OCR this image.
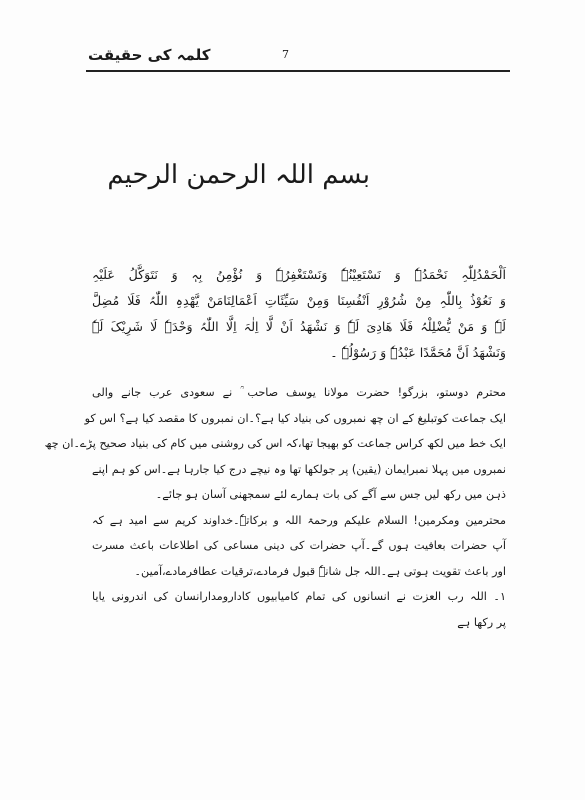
کلمہ کی حقیقت	7
بسم اللہ الرحمن الرحیم
اَلْحَمْدُلِلّٰہِ نَحْمَدُہٗ وَ نَسْتَعِیْنُہٗ وَنَسْتَغْفِرُہٗ وَ نُؤْمِنُ بِہٖ وَ نَتَوَکَّلُ عَلَیْہِ
وَ نَعُوْذُ بِاللّٰہِ مِنْ شُرُوْرِ اَنْفُسِنَا وَمِنْ سَیِّئَاتِ اَعْمَالِنَامَنْ یَّھْدِہِ اللّٰہُ فَلَا مُضِلَّ
لَہٗ وَ مَنْ یُّضْلِلْہُ فَلَا ھَادِیَ لَہٗ وَ نَشْھَدُ اَنْ لَّا اِلٰہَ اِلَّا اللّٰہُ وَحْدَہٗ لَا شَرِیْکَ لَہٗ
وَنَشْھَدُ اَنَّ مُحَمَّدًا عَبْدُہٗ وَ رَسُوْلُہٗ ۔
محترم دوستو، بزرگو! حضرت مولانا یوسف صاحب ؒ نے سعودی عرب جانے والی
ایک جماعت کوتبلیغ کے ان چھ نمبروں کی بنیاد کیا ہے؟۔ان نمبروں کا مقصد کیا ہے؟ اس کو
ایک خط میں لکھ کراس جماعت کو بھیجا تھا،کہ اس کی روشنی میں کام کی بنیاد صحیح پڑے۔ان چھ
نمبروں میں پہلا نمبرایمان (یقین) پر جولکھا تھا وہ نیچے درج کیا جارہا ہے۔اس کو ہم اپنے
ذہن میں رکھ لیں جس سے آگے کی بات ہمارے لئے سمجھنی آسان ہو جائے۔
محترمین ومکرمین! السلام علیکم ورحمۃ اللہ و برکاتہٗ۔خداوند کریم سے امید ہے کہ
آپ حضرات بعافیت ہوں گے۔آپ حضرات کی دینی مساعی کی اطلاعات باعث مسرت
اور باعث تقویت ہوتی ہے۔اللہ جل شانہٗ قبول فرمادے،ترقیات عطافرمادے،آمین۔
۱۔ اللہ رب العزت نے انسانوں کی تمام کامیابیوں کادارومدارانسان کی اندرونی یایا
پر رکھا ہے
